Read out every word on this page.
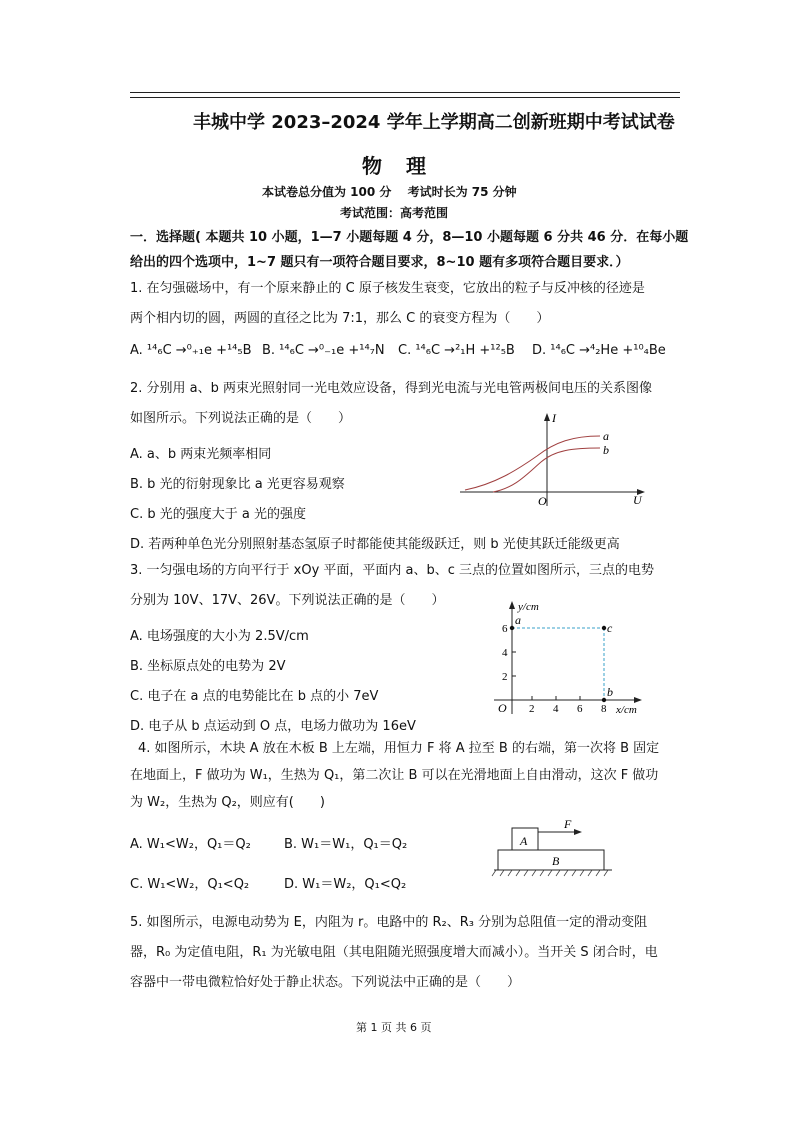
丰城中学 2023–2024 学年上学期高二创新班期中考试试卷
物　理
本试卷总分值为 100 分　 考试时长为 75 分钟
考试范围：高考范围
一．选择题( 本题共 10 小题，1—7 小题每题 4 分，8—10 小题每题 6 分共 46 分．在每小题
给出的四个选项中，1~7 题只有一项符合题目要求，8~10 题有多项符合题目要求．）
1. 在匀强磁场中，有一个原来静止的 C 原子核发生衰变，它放出的粒子与反冲核的径迹是
两个相内切的圆，两圆的直径之比为 7:1，那么 C 的衰变方程为（　　）
A. ¹⁴₆C →⁰₊₁e +¹⁴₅B B. ¹⁴₆C →⁰₋₁e +¹⁴₇N C. ¹⁴₆C →²₁H +¹²₅B D. ¹⁴₆C →⁴₂He +¹⁰₄Be
2. 分别用 a、b 两束光照射同一光电效应设备，得到光电流与光电管两极间电压的关系图像
如图所示。下列说法正确的是（　　）
A. a、b 两束光频率相同
B. b 光的衍射现象比 a 光更容易观察
C. b 光的强度大于 a 光的强度
D. 若两种单色光分别照射基态氢原子时都能使其能级跃迁，则 b 光使其跃迁能级更高
I
U
O
a
b
3. 一匀强电场的方向平行于 xOy 平面，平面内 a、b、c 三点的位置如图所示，三点的电势
分别为 10V、17V、26V。下列说法正确的是（　　）
A. 电场强度的大小为 2.5V/cm
B. 坐标原点处的电势为 2V
C. 电子在 a 点的电势能比在 b 点的小 7eV
D. 电子从 b 点运动到 O 点，电场力做功为 16eV
y/cm
x/cm
O
2
4
6
2 4 6 8
a
c
b
4. 如图所示，木块 A 放在木板 B 上左端，用恒力 F 将 A 拉至 B 的右端，第一次将 B 固定
在地面上，F 做功为 W₁，生热为 Q₁，第二次让 B 可以在光滑地面上自由滑动，这次 F 做功
为 W₂，生热为 Q₂，则应有(　　)
A. W₁<W₂，Q₁＝Q₂	B. W₁＝W₁，Q₁＝Q₂
C. W₁<W₂，Q₁<Q₂	D. W₁＝W₂，Q₁<Q₂
A
B
F
5. 如图所示，电源电动势为 E，内阻为 r。电路中的 R₂、R₃ 分别为总阻值一定的滑动变阻
器，R₀ 为定值电阻，R₁ 为光敏电阻（其电阻随光照强度增大而减小）。当开关 S 闭合时，电
容器中一带电微粒恰好处于静止状态。下列说法中正确的是（　　）
第 1 页 共 6 页
